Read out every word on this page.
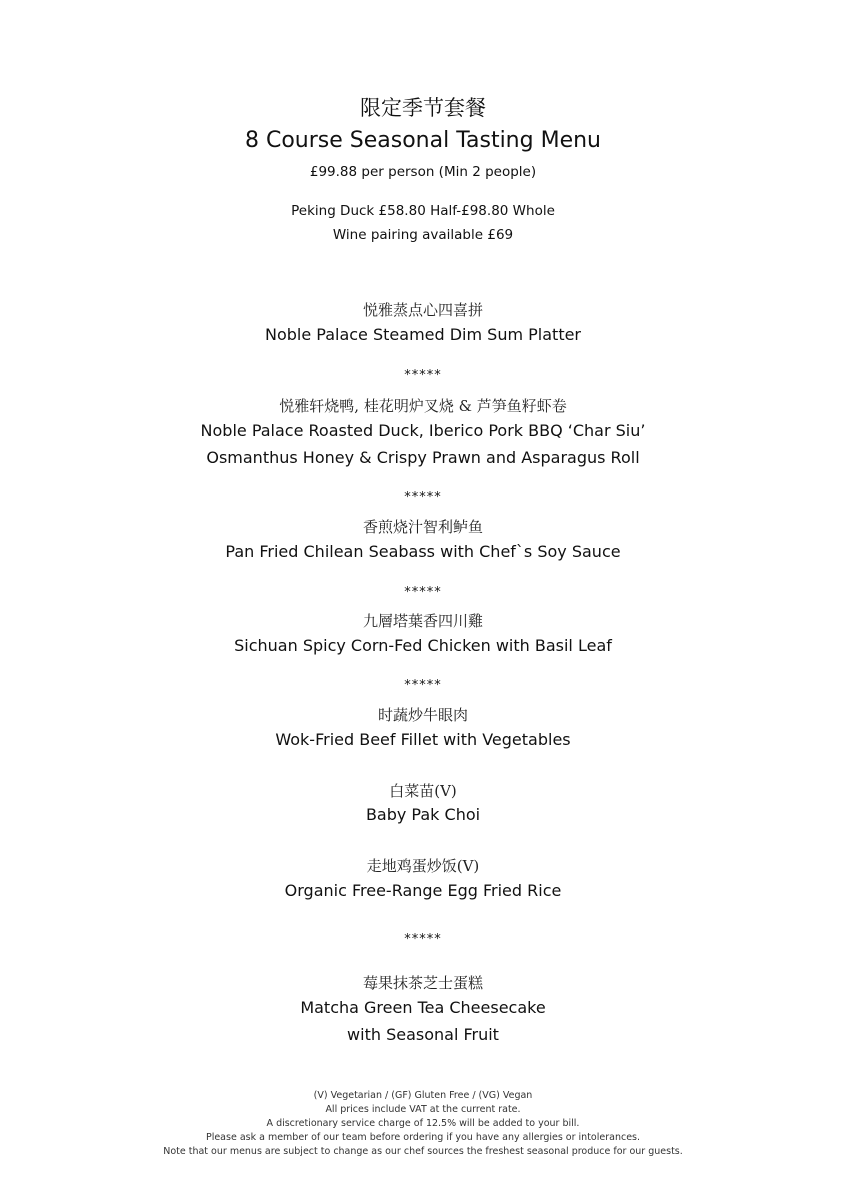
限定季节套餐
8 Course Seasonal Tasting Menu
£99.88 per person (Min 2 people)
Peking Duck £58.80 Half-£98.80 Whole
Wine pairing available £69
悦雅蒸点心四喜拼
Noble Palace Steamed Dim Sum Platter
*****
悦雅轩烧鸭, 桂花明炉叉烧 & 芦笋鱼籽虾卷
Noble Palace Roasted Duck, Iberico Pork BBQ ‘Char Siu’
Osmanthus Honey & Crispy Prawn and Asparagus Roll
*****
香煎烧汁智利鲈鱼
Pan Fried Chilean Seabass with Chef`s Soy Sauce
*****
九層塔葉香四川雞
Sichuan Spicy Corn-Fed Chicken with Basil Leaf
*****
时蔬炒牛眼肉
Wok-Fried Beef Fillet with Vegetables
白菜苗(V)
Baby Pak Choi
走地鸡蛋炒饭(V)
Organic Free-Range Egg Fried Rice
*****
莓果抹茶芝士蛋糕
Matcha Green Tea Cheesecake
with Seasonal Fruit
(V) Vegetarian / (GF) Gluten Free / (VG) Vegan
All prices include VAT at the current rate.
A discretionary service charge of 12.5% will be added to your bill.
Please ask a member of our team before ordering if you have any allergies or intolerances.
Note that our menus are subject to change as our chef sources the freshest seasonal produce for our guests.
